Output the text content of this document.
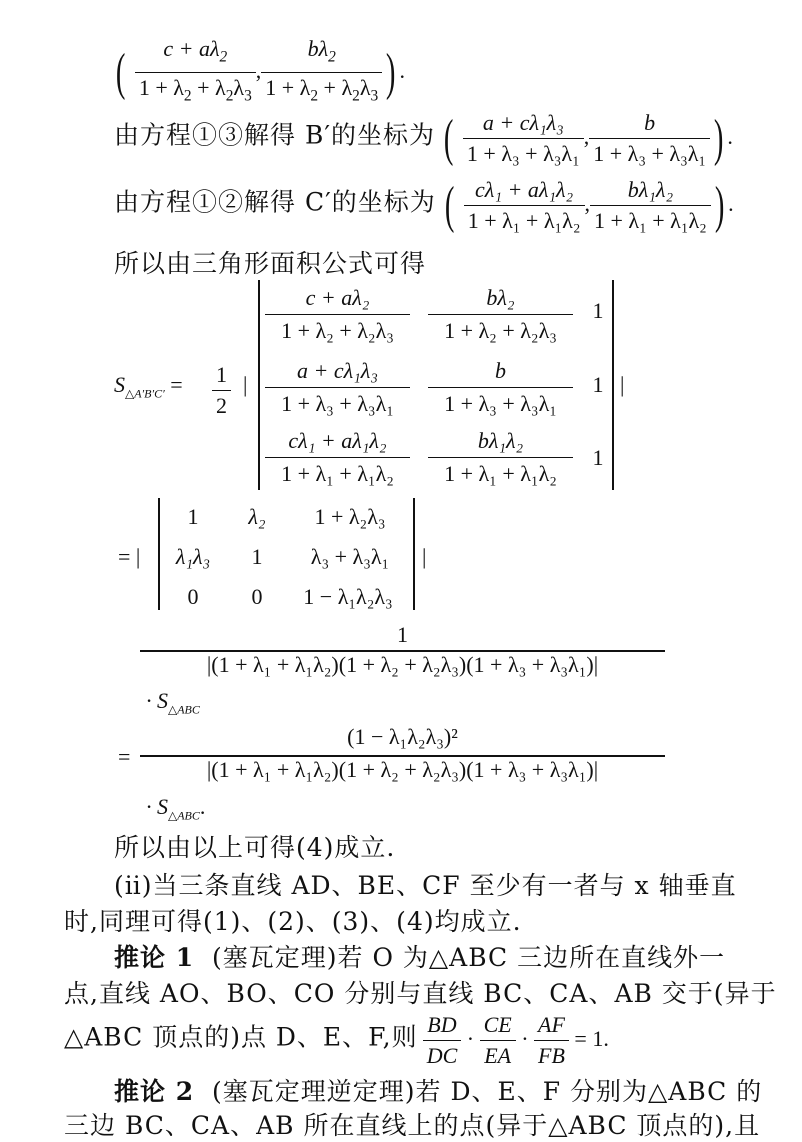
( $\frac{c + a\lambda_2}{1 + \lambda_2 + \lambda_2\lambda_3}$ , $\frac{b\lambda_2}{1 + \lambda_2 + \lambda_2\lambda_3}$ ) .
由方程①③解得 B′的坐标为 ( $\frac{\text{a + cλ₁λ₃}}{\text{1 + λ₃ + λ₃λ₁}}$ , $\frac{b}{\text{1 + λ₃ + λ₃λ₁}}$ ) .
由方程①②解得 C′的坐标为 ( $\frac{\text{cλ₁ + aλ₁λ₂}}{\text{1 + λ₁ + λ₁λ₂}}$ , $\frac{\text{bλ₁λ₂}}{\text{1 + λ₁ + λ₁λ₂}}$ ) .
所以由三角形面积公式可得
$S_{\triangle A'B'C'} = \frac{1}{2}$ |	|
$\frac{\text{c + aλ₂}}{\text{1 + λ₂ + λ₂λ₃}} \frac{\text{bλ₂}}{\text{1 + λ₂ + λ₂λ₃}} 1$
$\frac{\text{a + cλ₁λ₃}}{\text{1 + λ₃ + λ₃λ₁}} \frac{b}{\text{1 + λ₃ + λ₃λ₁}} 1$
$\frac{\text{cλ₁ + aλ₁λ₂}}{\text{1 + λ₁ + λ₁λ₂}} \frac{\text{bλ₁λ₂}}{\text{1 + λ₁ + λ₁λ₂}} 1$
= |	|
1	λ₂	1 + λ₂λ₃
λ₁λ₃	1	λ₃ + λ₃λ₁
0	0	1 − λ₁λ₂λ₃
1
|(1 + λ₁ + λ₁λ₂)(1 + λ₂ + λ₂λ₃)(1 + λ₃ + λ₃λ₁)|
· $S_{\triangle ABC}$
=
(1 − λ₁λ₂λ₃)²
|(1 + λ₁ + λ₁λ₂)(1 + λ₂ + λ₂λ₃)(1 + λ₃ + λ₃λ₁)|
· $S_{\triangle ABC}$.
所以由以上可得(4)成立.
(ⅱ)当三条直线 AD、BE、CF 至少有一者与 x 轴垂直
时,同理可得(1)、(2)、(3)、(4)均成立.
推论 1 (塞瓦定理)若 O 为△ABC 三边所在直线外一
点,直线 AO、BO、CO 分别与直线 BC、CA、AB 交于(异于
△ABC 顶点的)点 D、E、F,则 $\frac{BD}{DC} \cdot \frac{CE}{EA} \cdot \frac{AF}{FB} = 1$.
推论 2 (塞瓦定理逆定理)若 D、E、F 分别为△ABC 的
三边 BC、CA、AB 所在直线上的点(异于△ABC 顶点的),且
